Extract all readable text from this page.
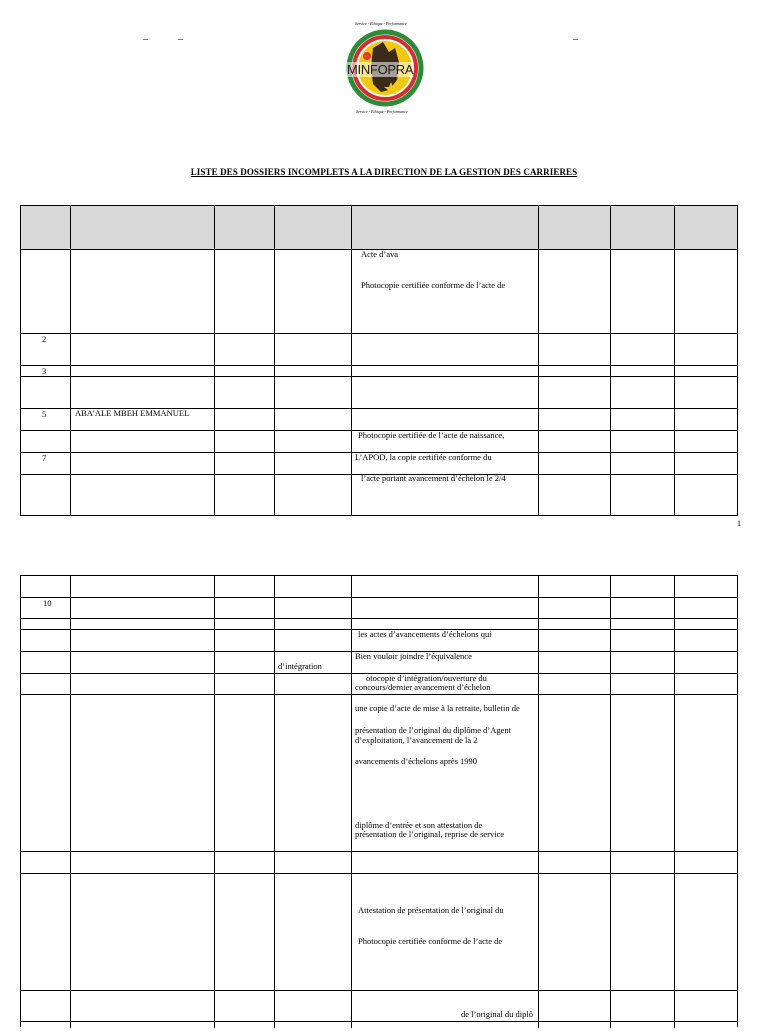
–	–	–
Service - Ethique - Performance
MINFOPRA
Service - Ethique - Performance
LISTE DES DOSSIERS INCOMPLETS A LA DIRECTION DE LA GESTION DES CARRIERES
2
3
5
7
ABA’ALE MBEH EMMANUEL
Acte d’ava
Photocopie certifiée conforme de l’acte de
Photocopie certifiée de l’acte de naissance,
L’APOD, la copie certifiée conforme du
l’acte portant avancement d’échelon le 2/4
1
10
d’intégration
les actes d’avancements d’échelons qui
Bien vouloir joindre l’équivalence
otocopie d’intégration/ouverture du
concours/dernier avancement d’échelon
une copie d’acte de mise à la retraite, bulletin de
présentation de l’original du diplôme d’Agent
d’exploitation, l’avancement de la 2
avancements d’échelons après 1990
diplôme d’entrée et son attestation de
présentation de l’original, reprise de service
Attestation de présentation de l’original du
Photocopie certifiée conforme de l’acte de
de l’original du diplô
